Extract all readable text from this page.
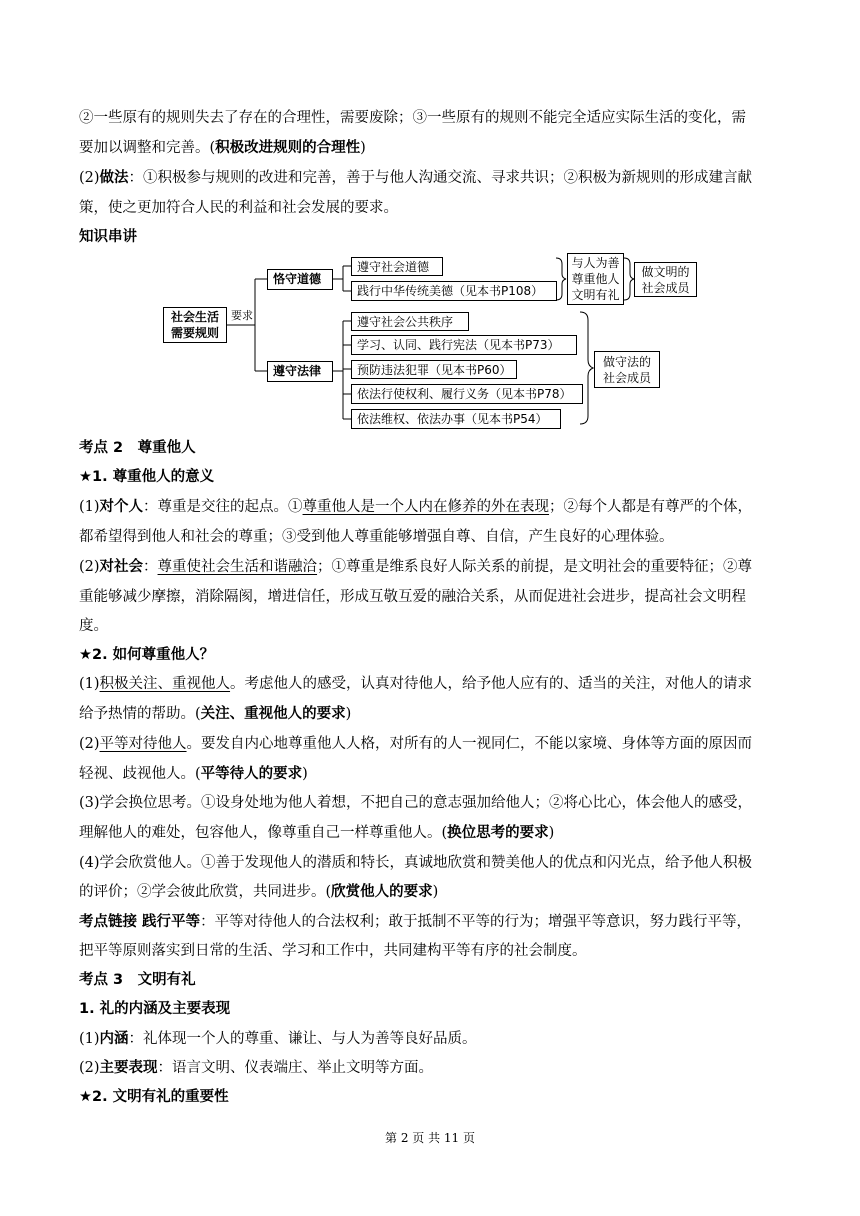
②一些原有的规则失去了存在的合理性，需要废除；③一些原有的规则不能完全适应实际生活的变化，需
要加以调整和完善。(积极改进规则的合理性)
(2)做法：①积极参与规则的改进和完善，善于与他人沟通交流、寻求共识；②积极为新规则的形成建言献
策，使之更加符合人民的利益和社会发展的要求。
知识串讲
社会生活
需要规则
要求
恪守道德
遵守法律
遵守社会道德
践行中华传统美德（见本书P108）
遵守社会公共秩序
学习、认同、践行宪法（见本书P73）
预防违法犯罪（见本书P60）
依法行使权利、履行义务（见本书P78）
依法维权、依法办事（见本书P54）
与人为善
尊重他人
文明有礼
做文明的
社会成员
做守法的
社会成员
考点 2　尊重他人
★1. 尊重他人的意义
(1)对个人：尊重是交往的起点。①尊重他人是一个人内在修养的外在表现；②每个人都是有尊严的个体，
都希望得到他人和社会的尊重；③受到他人尊重能够增强自尊、自信，产生良好的心理体验。
(2)对社会：尊重使社会生活和谐融洽；①尊重是维系良好人际关系的前提，是文明社会的重要特征；②尊
重能够减少摩擦，消除隔阂，增进信任，形成互敬互爱的融洽关系，从而促进社会进步，提高社会文明程
度。
★2. 如何尊重他人？
(1)积极关注、重视他人。考虑他人的感受，认真对待他人，给予他人应有的、适当的关注，对他人的请求
给予热情的帮助。(关注、重视他人的要求)
(2)平等对待他人。要发自内心地尊重他人人格，对所有的人一视同仁，不能以家境、身体等方面的原因而
轻视、歧视他人。(平等待人的要求)
(3)学会换位思考。①设身处地为他人着想，不把自己的意志强加给他人；②将心比心，体会他人的感受，
理解他人的难处，包容他人，像尊重自己一样尊重他人。(换位思考的要求)
(4)学会欣赏他人。①善于发现他人的潜质和特长，真诚地欣赏和赞美他人的优点和闪光点，给予他人积极
的评价；②学会彼此欣赏，共同进步。(欣赏他人的要求)
考点链接 践行平等：平等对待他人的合法权利；敢于抵制不平等的行为；增强平等意识，努力践行平等，
把平等原则落实到日常的生活、学习和工作中，共同建构平等有序的社会制度。
考点 3　文明有礼
1. 礼的内涵及主要表现
(1)内涵：礼体现一个人的尊重、谦让、与人为善等良好品质。
(2)主要表现：语言文明、仪表端庄、举止文明等方面。
★2. 文明有礼的重要性
第 2 页 共 11 页
